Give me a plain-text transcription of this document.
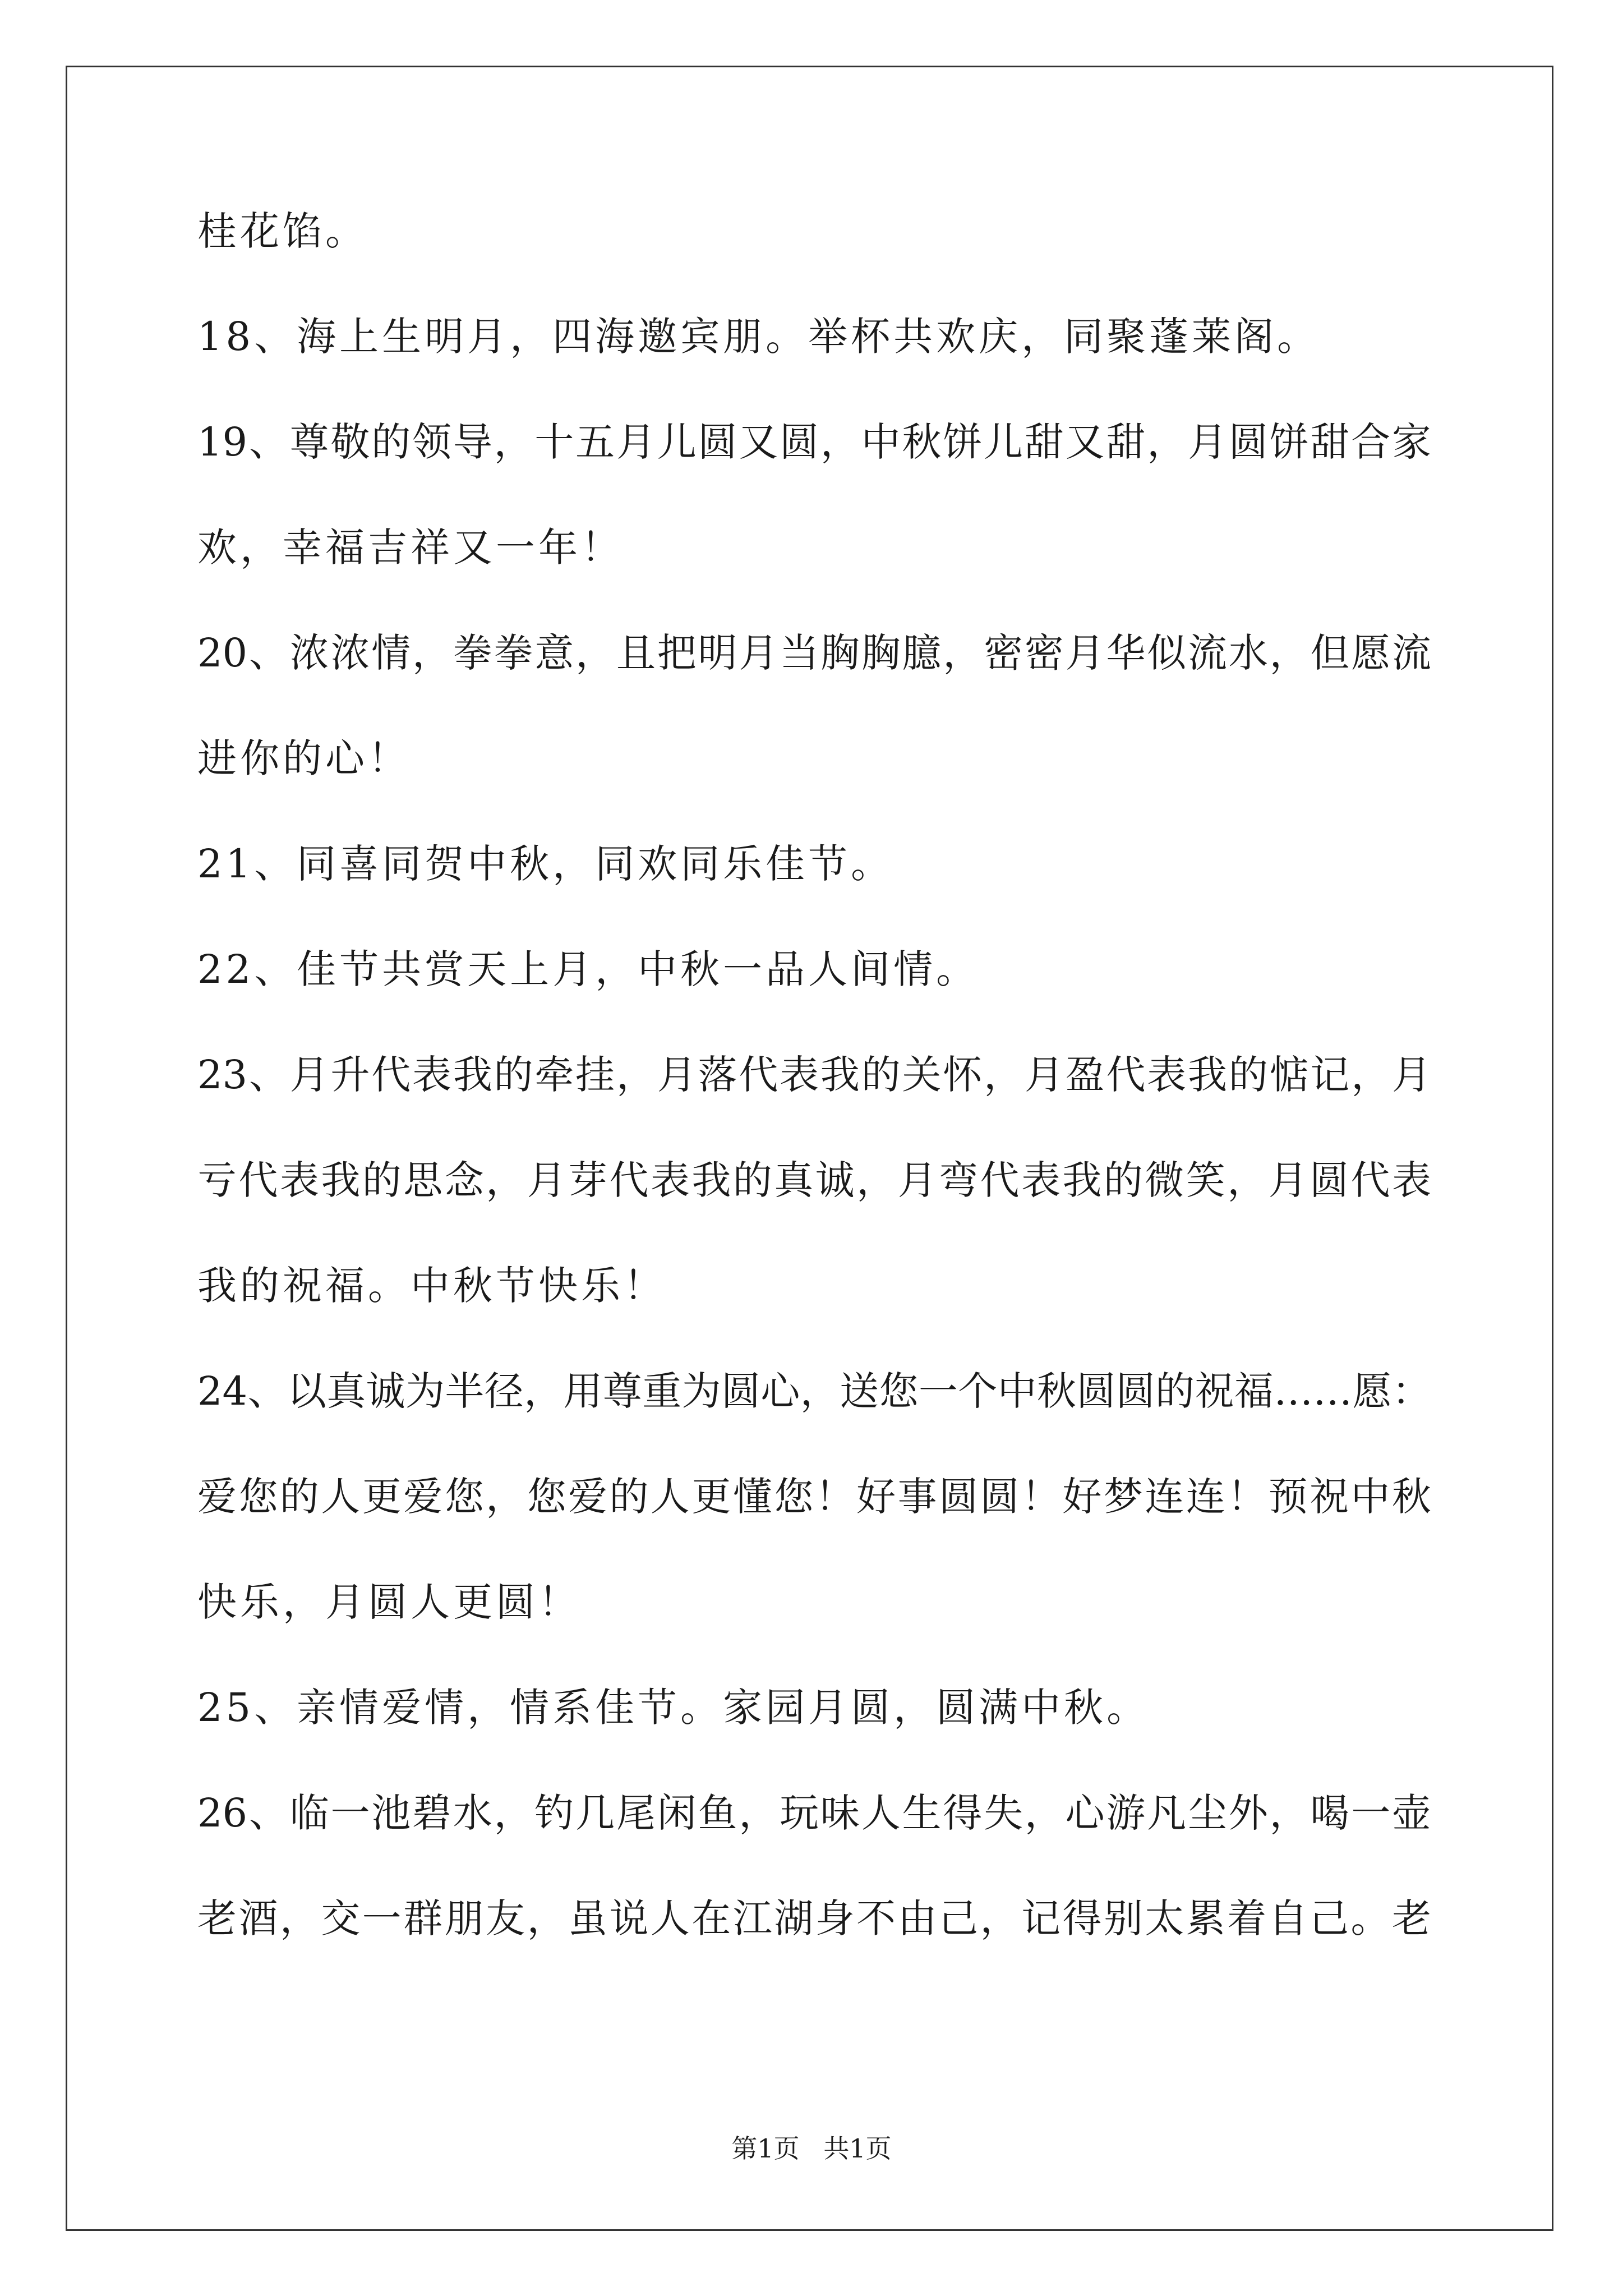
桂花馅。
18、海上生明月，四海邀宾朋。举杯共欢庆，同聚蓬莱阁。
19、尊敬的领导，十五月儿圆又圆，中秋饼儿甜又甜，月圆饼甜合家
欢，幸福吉祥又一年！
20、浓浓情，拳拳意，且把明月当胸胸臆，密密月华似流水，但愿流
进你的心！
21、同喜同贺中秋，同欢同乐佳节。
22、佳节共赏天上月，中秋一品人间情。
23、月升代表我的牵挂，月落代表我的关怀，月盈代表我的惦记，月
亏代表我的思念，月芽代表我的真诚，月弯代表我的微笑，月圆代表
我的祝福。中秋节快乐！
24、以真诚为半径，用尊重为圆心，送您一个中秋圆圆的祝福……愿：
爱您的人更爱您，您爱的人更懂您！好事圆圆！好梦连连！预祝中秋
快乐，月圆人更圆！
25、亲情爱情，情系佳节。家园月圆，圆满中秋。
26、临一池碧水，钓几尾闲鱼，玩味人生得失，心游凡尘外，喝一壶
老酒，交一群朋友，虽说人在江湖身不由己，记得别太累着自己。老
第1页 共1页
